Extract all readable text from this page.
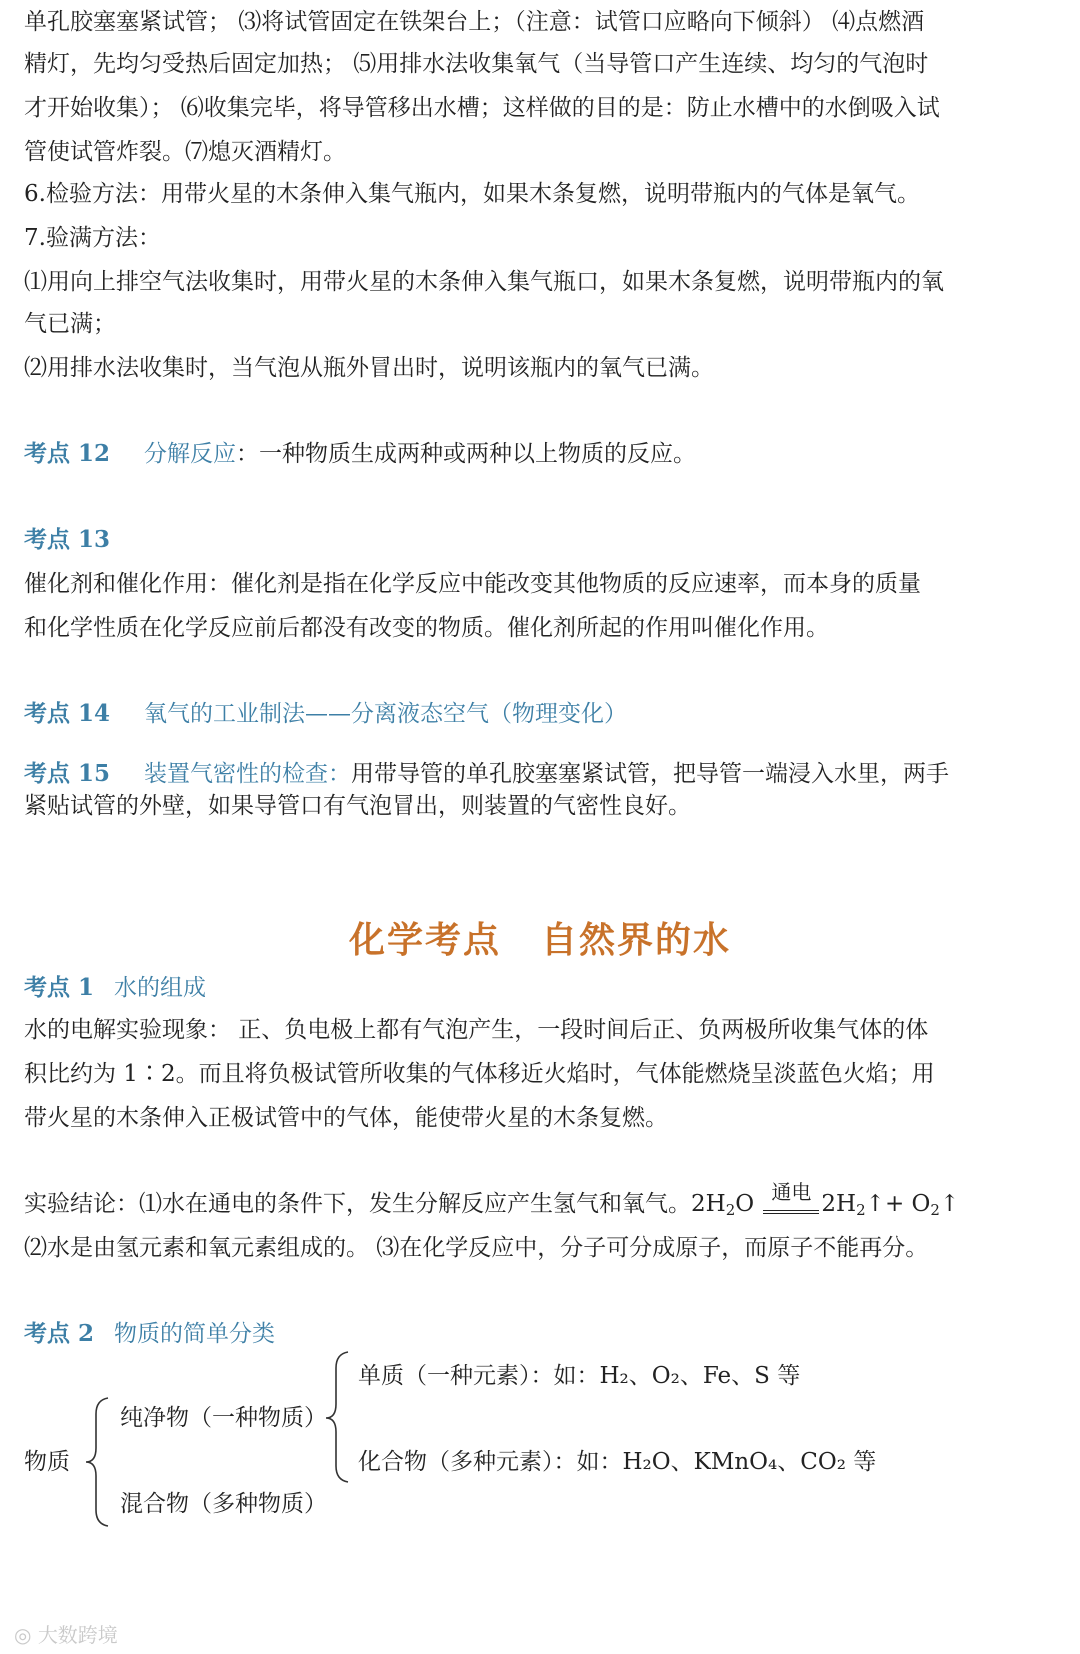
单孔胶塞塞紧试管； ⑶将试管固定在铁架台上；（注意：试管口应略向下倾斜） ⑷点燃酒
精灯，先均匀受热后固定加热； ⑸用排水法收集氧气（当导管口产生连续、均匀的气泡时
才开始收集）； ⑹收集完毕，将导管移出水槽；这样做的目的是：防止水槽中的水倒吸入试
管使试管炸裂。⑺熄灭酒精灯。
6.检验方法：用带火星的木条伸入集气瓶内，如果木条复燃，说明带瓶内的气体是氧气。
7.验满方法：
⑴用向上排空气法收集时，用带火星的木条伸入集气瓶口，如果木条复燃，说明带瓶内的氧
气已满；
⑵用排水法收集时，当气泡从瓶外冒出时，说明该瓶内的氧气已满。
考点 12 分解反应：一种物质生成两种或两种以上物质的反应。
考点 13
催化剂和催化作用：催化剂是指在化学反应中能改变其他物质的反应速率，而本身的质量
和化学性质在化学反应前后都没有改变的物质。催化剂所起的作用叫催化作用。
考点 14 氧气的工业制法——分离液态空气（物理变化）
考点 15 装置气密性的检查：用带导管的单孔胶塞塞紧试管，把导管一端浸入水里，两手
紧贴试管的外壁，如果导管口有气泡冒出，则装置的气密性良好。
化学考点 自然界的水
考点 1 水的组成
水的电解实验现象： 正、负电极上都有气泡产生，一段时间后正、负两极所收集气体的体
积比约为 1∶2。而且将负极试管所收集的气体移近火焰时，气体能燃烧呈淡蓝色火焰；用
带火星的木条伸入正极试管中的气体，能使带火星的木条复燃。
实验结论：⑴水在通电的条件下，发生分解反应产生氢气和氧气。$2H_2O$ 通电 $2H_2↑+$ $O_2↑$
⑵水是由氢元素和氧元素组成的。 ⑶在化学反应中，分子可分成原子，而原子不能再分。
考点 2 物质的简单分类
物质
纯净物（一种物质）
混合物（多种物质）
单质（一种元素）：如：H₂、O₂、Fe、S 等
化合物（多种元素）：如：H₂O、KMnO₄、CO₂ 等
◎ 大数跨境
